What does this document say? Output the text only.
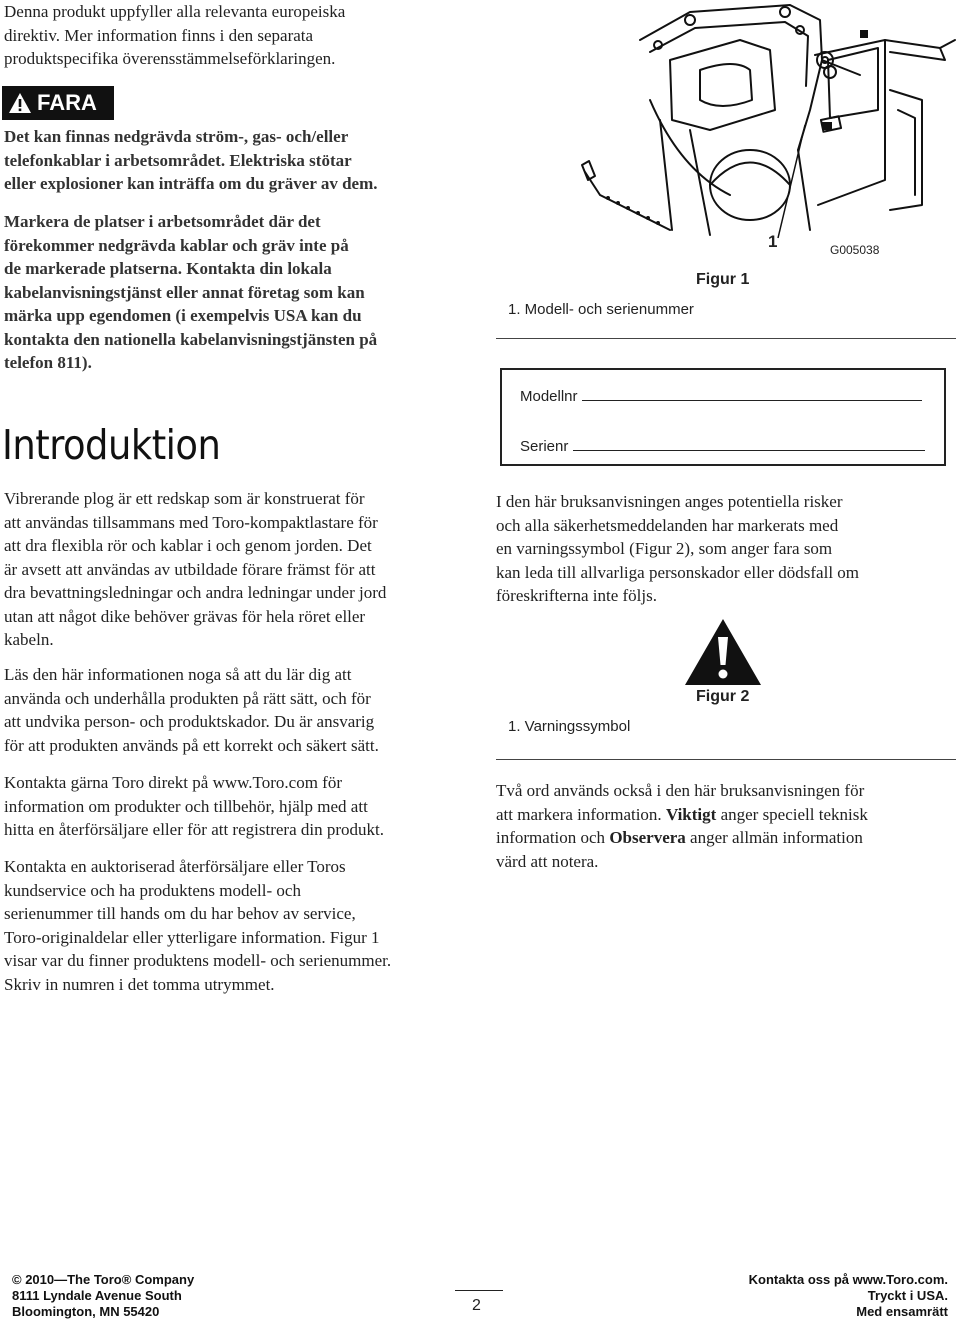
Denna produkt uppfyller alla relevanta europeiska

direktiv. Mer information finns i den separata

produktspecifika överensstämmelseförklaringen.

FARA

Det kan finnas nedgrävda ström-, gas- och/eller

telefonkablar i arbetsområdet. Elektriska stötar

eller explosioner kan inträffa om du gräver av dem.

Markera de platser i arbetsområdet där det

förekommer nedgrävda kablar och gräv inte på

de markerade platserna. Kontakta din lokala

kabelanvisningstjänst eller annat företag som kan

märka upp egendomen (i exempelvis USA kan du

kontakta den nationella kabelanvisningstjänsten på

telefon 811).

Introduktion

Vibrerande plog är ett redskap som är konstruerat för

att användas tillsammans med Toro-kompaktlastare för

att dra flexibla rör och kablar i och genom jorden. Det

är avsett att användas av utbildade förare främst för att

dra bevattningsledningar och andra ledningar under jord

utan att något dike behöver grävas för hela röret eller

kabeln.

Läs den här informationen noga så att du lär dig att

använda och underhålla produkten på rätt sätt, och för

att undvika person- och produktskador. Du är ansvarig

för att produkten används på ett korrekt och säkert sätt.

Kontakta gärna Toro direkt på www.Toro.com för

information om produkter och tillbehör, hjälp med att

hitta en återförsäljare eller för att registrera din produkt.

Kontakta en auktoriserad återförsäljare eller Toros

kundservice och ha produktens modell- och

serienummer till hands om du har behov av service,

Toro-originaldelar eller ytterligare information. Figur 1

visar var du finner produktens modell- och serienummer.

Skriv in numren i det tomma utrymmet.

1	G005038
Figur 1
1. Modell- och serienummer
Modellnr
Serienr

I den här bruksanvisningen anges potentiella risker

och alla säkerhetsmeddelanden har markerats med

en varningssymbol (Figur 2), som anger fara som

kan leda till allvarliga personskador eller dödsfall om

föreskrifterna inte följs.

Figur 2
1. Varningssymbol

Två ord används också i den här bruksanvisningen för

att markera information. Viktigt anger speciell teknisk

information och Observera anger allmän information

värd att notera.

© 2010—The Toro® Company
8111 Lyndale Avenue South
Bloomington, MN 55420	2
Kontakta oss på www.Toro.com.
Tryckt i USA.
Med ensamrätt
